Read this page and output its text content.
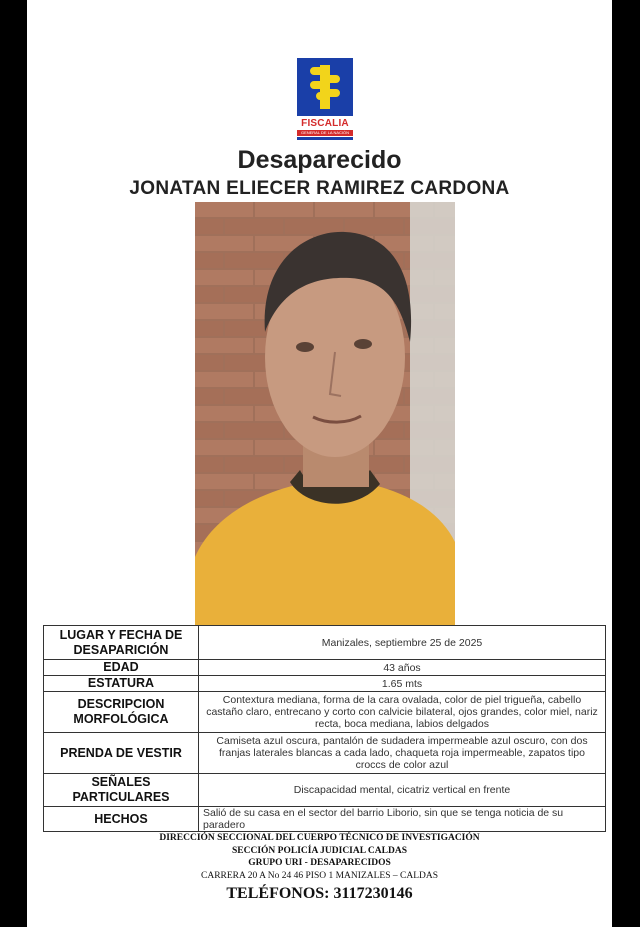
FISCALIA
GENERAL DE LA NACIÓN
Desaparecido
JONATAN ELIECER RAMIREZ CARDONA
LUGAR Y FECHA DE DESAPARICIÓN	Manizales, septiembre 25 de 2025
EDAD	43 años
ESTATURA	1.65 mts
DESCRIPCION MORFOLÓGICA	Contextura mediana, forma de la cara ovalada, color de piel trigueña, cabello castaño claro, entrecano y corto con calvicie bilateral, ojos grandes, color miel, nariz recta, boca mediana, labios delgados
PRENDA DE VESTIR	Camiseta azul oscura, pantalón de sudadera impermeable azul oscuro, con dos franjas laterales blancas a cada lado, chaqueta roja impermeable, zapatos tipo croccs de color azul
SEÑALES PARTICULARES	Discapacidad mental, cicatriz vertical en frente
HECHOS	Salió de su casa en el sector del barrio Liborio, sin que se tenga noticia de su paradero
DIRECCIÓN SECCIONAL DEL CUERPO TÉCNICO DE INVESTIGACIÓN
SECCIÓN POLICÍA JUDICIAL CALDAS
GRUPO URI - DESAPARECIDOS
CARRERA 20 A No 24 46 PISO 1 MANIZALES – CALDAS
TELÉFONOS: 3117230146
